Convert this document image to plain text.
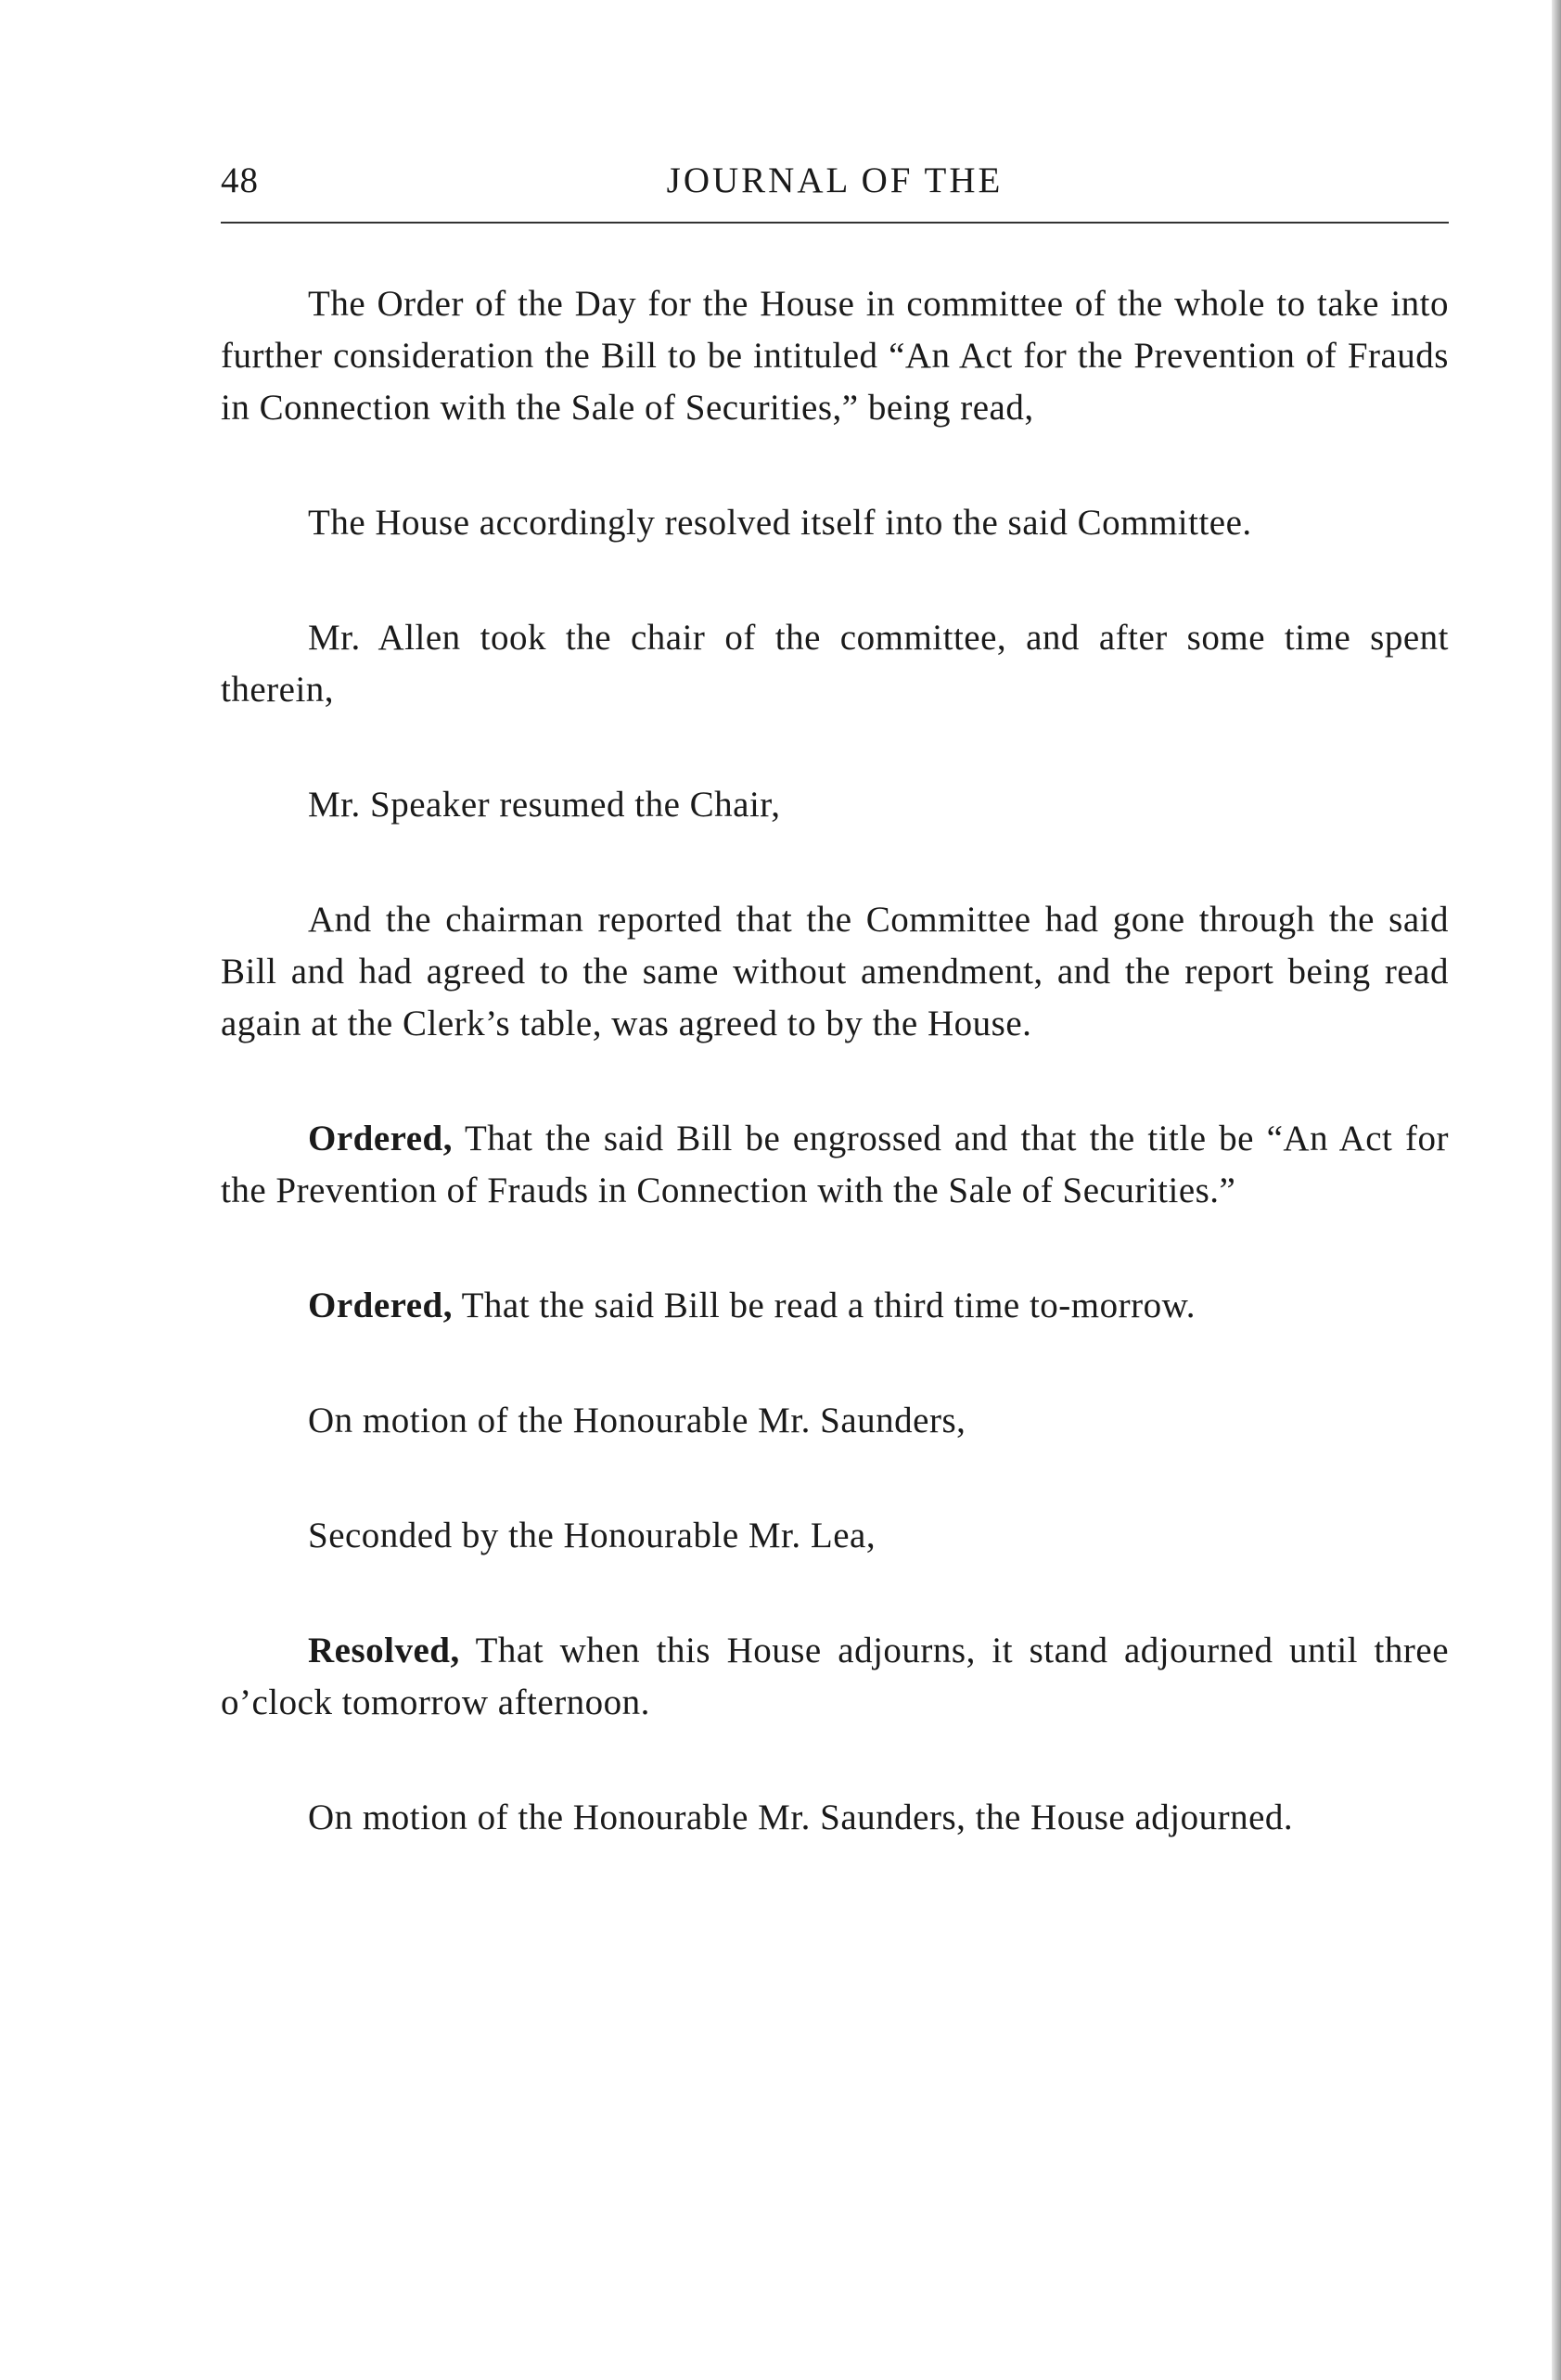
48	JOURNAL OF THE

The Order of the Day for the House in committee of the whole to take into further consideration the Bill to be intituled “An Act for the Prevention of Frauds in Connection with the Sale of Securities,” being read,

The House accordingly resolved itself into the said Committee.

Mr. Allen took the chair of the committee, and after some time spent therein,

Mr. Speaker resumed the Chair,

And the chairman reported that the Committee had gone through the said Bill and had agreed to the same without amendment, and the report being read again at the Clerk’s table, was agreed to by the House.

Ordered, That the said Bill be engrossed and that the title be “An Act for the Prevention of Frauds in Connection with the Sale of Securities.”

Ordered, That the said Bill be read a third time to-morrow.

On motion of the Honourable Mr. Saunders,

Seconded by the Honourable Mr. Lea,

Resolved, That when this House adjourns, it stand adjourned until three o’clock tomorrow afternoon.

On motion of the Honourable Mr. Saunders, the House adjourned.
